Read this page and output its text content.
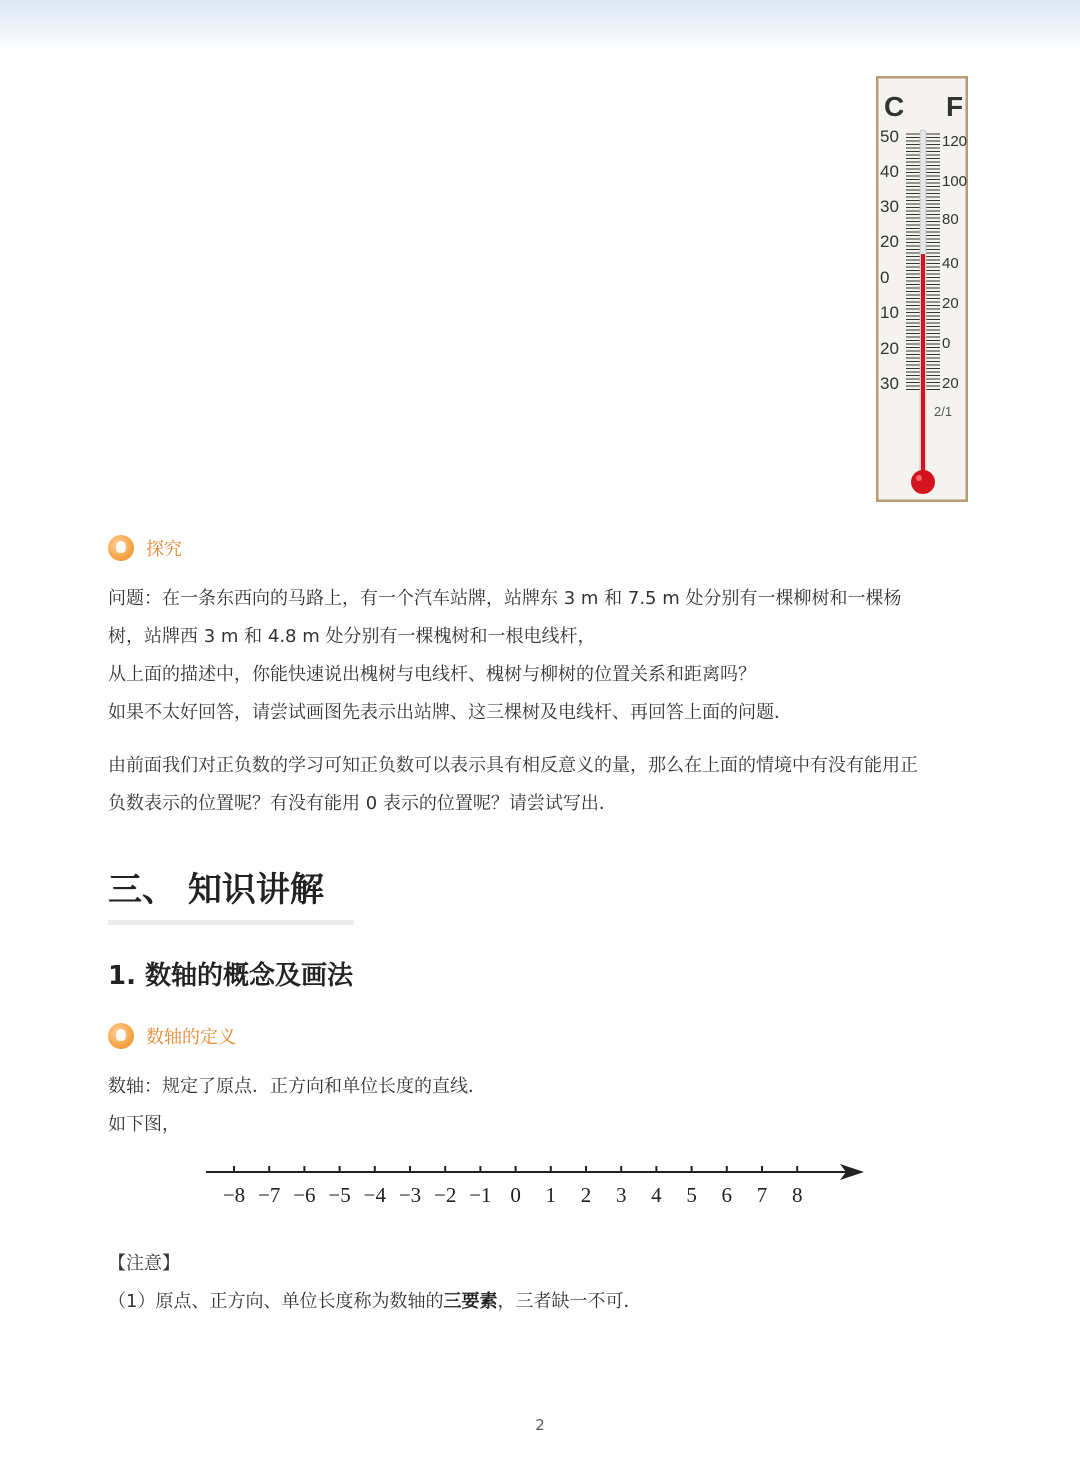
C F
50
40
30
20
0
10
20
30
120
100
80
40
20
0
20
2/1
探究
问题：在一条东西向的马路上，有一个汽车站牌，站牌东 3 m 和 7.5 m 处分别有一棵柳树和一棵杨
树，站牌西 3 m 和 4.8 m 处分别有一棵槐树和一根电线杆，
从上面的描述中，你能快速说出槐树与电线杆、槐树与柳树的位置关系和距离吗？
如果不太好回答，请尝试画图先表示出站牌、这三棵树及电线杆、再回答上面的问题．
由前面我们对正负数的学习可知正负数可以表示具有相反意义的量，那么在上面的情境中有没有能用正
负数表示的位置呢？有没有能用 0 表示的位置呢？请尝试写出．
三、 知识讲解
1. 数轴的概念及画法
数轴的定义
数轴：规定了原点．正方向和单位长度的直线．
如下图，
−8 −7 −6 −5 −4 −3 −2 −1 0 1 2 3 4 5 6 7 8
【注意】
（1）原点、正方向、单位长度称为数轴的三要素，三者缺一不可．
2
